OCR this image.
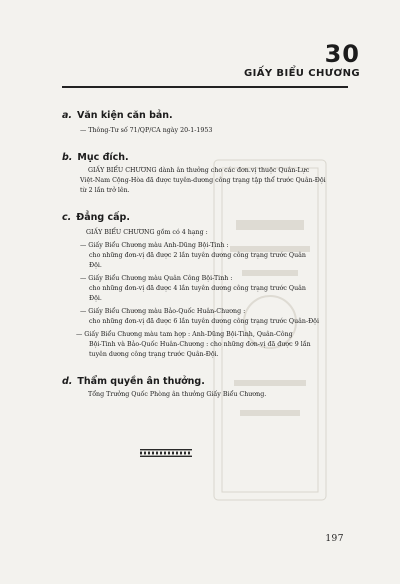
30
GIẤY BIỂU CHƯƠNG
a. Văn kiện căn bản.
— Thông-Tư số 71/QP/CA ngày 20-1-1953
b. Mục đích.
GIẤY BIỂU CHƯƠNG dành ân thưởng cho các đơn.vị thuộc Quân-Lực
Việt-Nam Cộng-Hòa đã được tuyên-dương công trạng tập thể trước Quân-Đội
từ 2 lần trở lên.
c. Đẳng cấp.
GIẤY BIỂU CHƯƠNG gồm có 4 hạng :
— Giấy Biểu Chương màu Anh-Dũng Bội-Tinh :
cho những đơn-vị đã được 2 lần tuyên dương công trạng trước Quân
Đội.
— Giấy Biểu Chương màu Quân Công Bội-Tinh :
cho những đơn-vị đã được 4 lần tuyên dương công trạng trước Quân
Đội.
— Giấy Biểu Chương màu Bảo-Quốc Huân-Chương :
cho những đơn-vị đã được 6 lần tuyên dương công trạng trước Quân-Đội
— Giấy Biểu Chương màu tam hợp : Anh-Dũng Bội-Tinh, Quân-Công
Bội-Tinh và Bảo-Quốc Huân-Chương : cho những đơn-vị đã được 9 lần
tuyên dương công trạng trước Quân-Đội.
d. Thẩm quyền ân thưởng.
Tổng Trưởng Quốc Phòng ân thưởng Giấy Biểu Chương.
197
